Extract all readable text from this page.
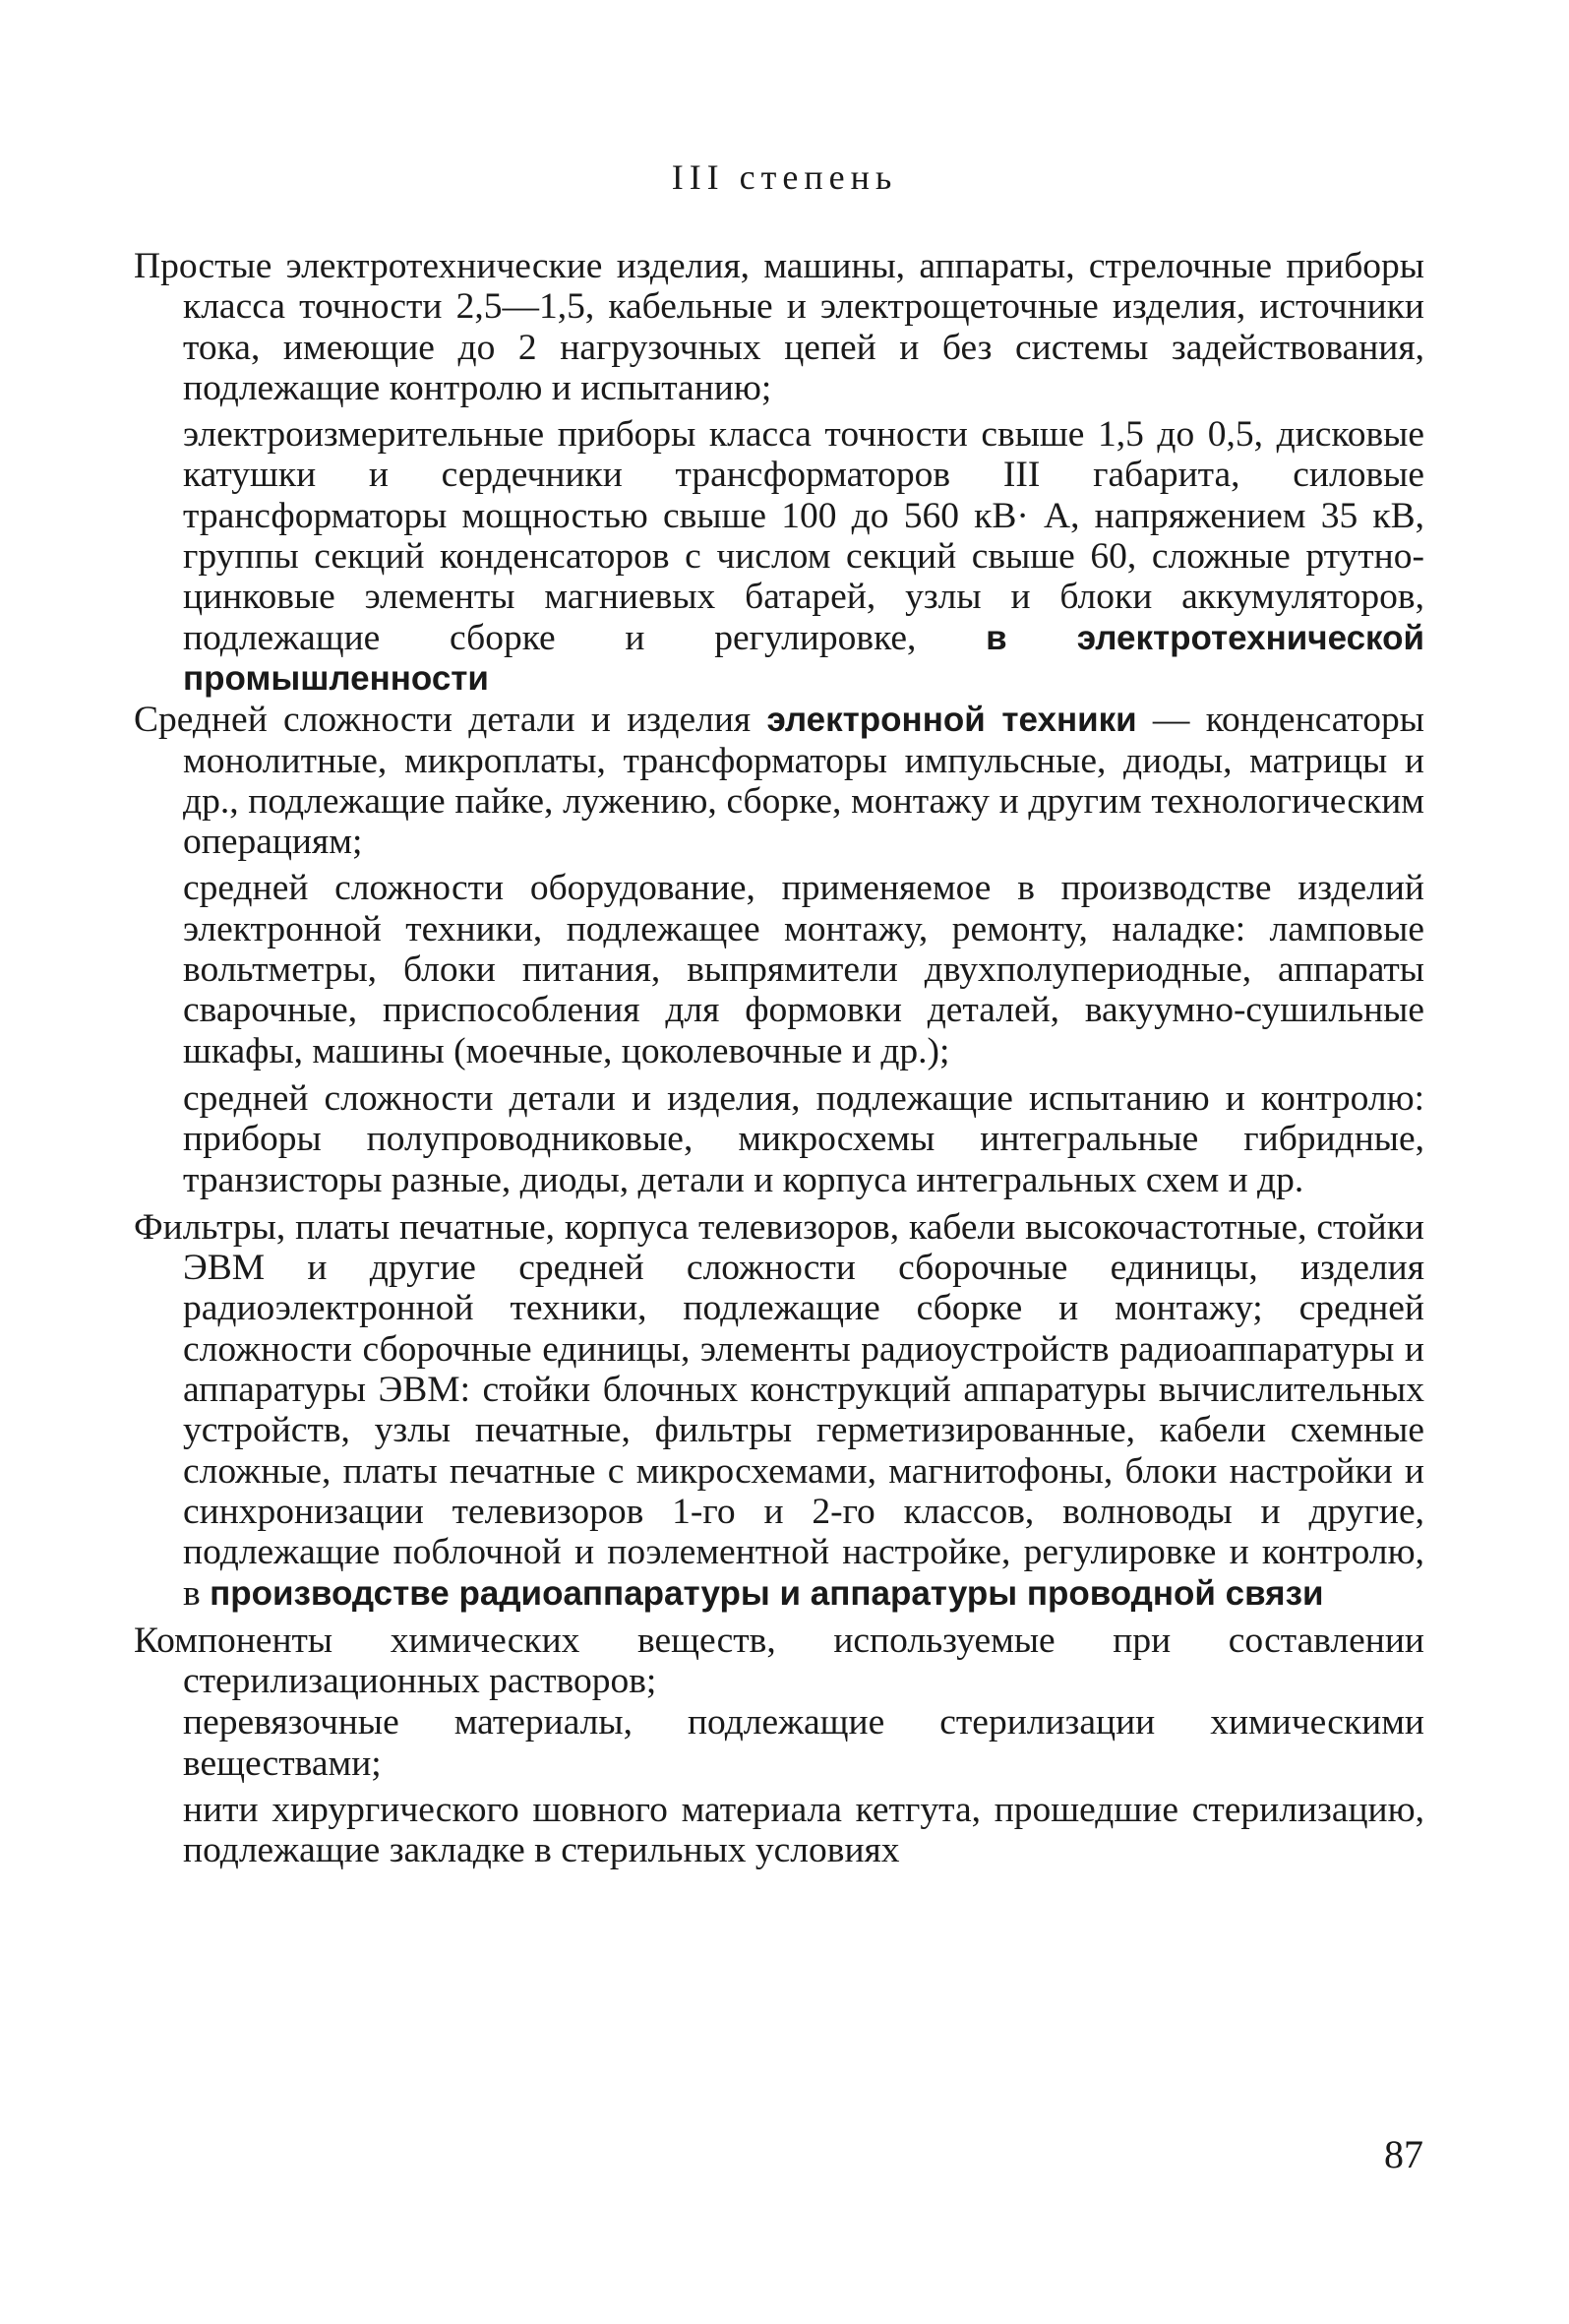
III степень

Простые электротехнические изделия, машины, аппараты, стрелочные приборы класса точности 2,5—1,5, кабельные и электрощеточные изделия, источники тока, имеющие до 2 нагрузочных цепей и без системы задействования, подлежащие контролю и испытанию;

электроизмерительные приборы класса точности свыше 1,5 до 0,5, дисковые катушки и сердечники трансформаторов III габарита, силовые трансформаторы мощностью свыше 100 до 560 кВ· А, напряжением 35 кВ, группы секций конденсаторов с числом секций свыше 60, сложные ртутно-цинковые элементы магниевых батарей, узлы и блоки аккумуляторов, подлежащие сборке и регулировке, в электротехнической промышленности

Средней сложности детали и изделия электронной техники — конденсаторы монолитные, микроплаты, трансформаторы импульсные, диоды, матрицы и др., подлежащие пайке, лужению, сборке, монтажу и другим технологическим операциям;

средней сложности оборудование, применяемое в производстве изделий электронной техники, подлежащее монтажу, ремонту, наладке: ламповые вольтметры, блоки питания, выпрямители двухполупериодные, аппараты сварочные, приспособления для формовки деталей, вакуумно-сушильные шкафы, машины (моечные, цоколевочные и др.);

средней сложности детали и изделия, подлежащие испытанию и контролю: приборы полупроводниковые, микросхемы интегральные гибридные, транзисторы разные, диоды, детали и корпуса интегральных схем и др.

Фильтры, платы печатные, корпуса телевизоров, кабели высокочастотные, стойки ЭВМ и другие средней сложности сборочные единицы, изделия радиоэлектронной техники, подлежащие сборке и монтажу; средней сложности сборочные единицы, элементы радиоустройств радиоаппаратуры и аппаратуры ЭВМ: стойки блочных конструкций аппаратуры вычислительных устройств, узлы печатные, фильтры герметизированные, кабели схемные сложные, платы печатные с микросхемами, магнитофоны, блоки настройки и синхронизации телевизоров 1-го и 2-го классов, волноводы и другие, подлежащие поблочной и поэлементной настройке, регулировке и контролю, в производстве радиоаппаратуры и аппаратуры проводной связи

Компоненты химических веществ, используемые при составлении стерилизационных растворов;

перевязочные материалы, подлежащие стерилизации химическими веществами;

нити хирургического шовного материала кетгута, прошедшие стерилизацию, подлежащие закладке в стерильных условиях

87
